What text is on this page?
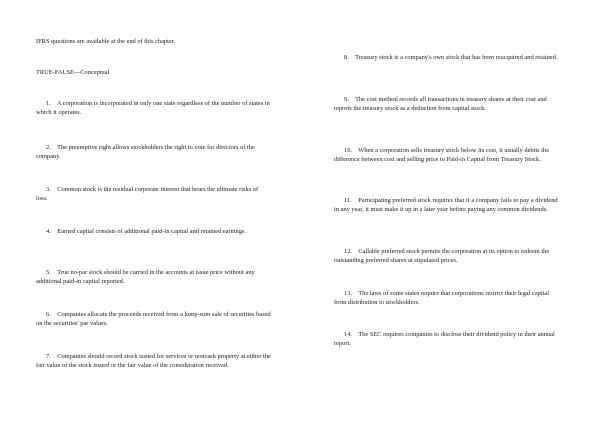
IFRS questions are available at the end of this chapter.
TRUE-FALSE—Conceptual
1. A corporation is incorporated in only one state regardless of the number of states in which it operates.
2. The preemptive right allows stockholders the right to vote for directors of the company.
3. Common stock is the residual corporate interest that bears the ultimate risks of loss.
4. Earned capital consists of additional paid-in capital and retained earnings.
5. True no-par stock should be carried in the accounts at issue price without any additional paid-in capital reported.
6. Companies allocate the proceeds received from a lump-sum sale of securities based on the securities' par values.
7. Companies should record stock issued for services or noncash property at either the fair value of the stock issued or the fair value of the consideration received.
8. Treasury stock is a company's own stock that has been reacquired and retained.
9. The cost method records all transactions in treasury shares at their cost and reports the treasury stock as a deduction from capital stock.
10. When a corporation sells treasury stock below its cost, it usually debits the difference between cost and selling price to Paid-in Capital from Treasury Stock.
11. Participating preferred stock requires that if a company fails to pay a dividend in any year, it must make it up in a later year before paying any common dividends.
12. Callable preferred stock permits the corporation at its option to redeem the outstanding preferred shares at stipulated prices.
13. The laws of some states require that corporations restrict their legal capital from distribution to stockholders.
14. The SEC requires companies to disclose their dividend policy in their annual report.
